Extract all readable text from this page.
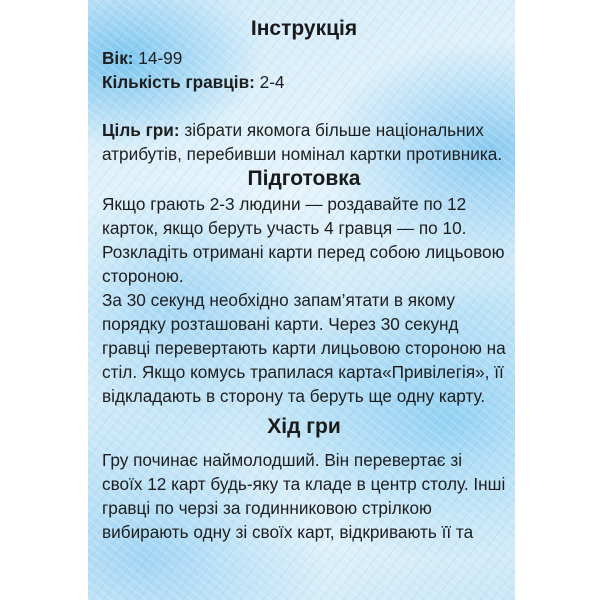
Інструкція

Вік: 14-99

Кількість гравців: 2-4

Ціль гри: зібрати якомога більше національних атрибутів, перебивши номінал картки противника.

Підготовка

Якщо грають 2-3 людини — роздавайте по 12 карток, якщо беруть участь 4 гравця — по 10. Розкладіть отримані карти перед собою лицьовою стороною.

За 30 секунд необхідно запам’ятати в якому порядку розташовані карти. Через 30 секунд гравці перевертають карти лицьовою стороною на стіл. Якщо комусь трапилася карта«Привілегія», її відкладають в сторону та беруть ще одну карту.

Хід гри

Гру починає наймолодший. Він перевертає зі своїх 12 карт будь-яку та кладе в центр столу. Інші гравці по черзі за годинниковою стрілкою вибирають одну зі своїх карт, відкривають її та
